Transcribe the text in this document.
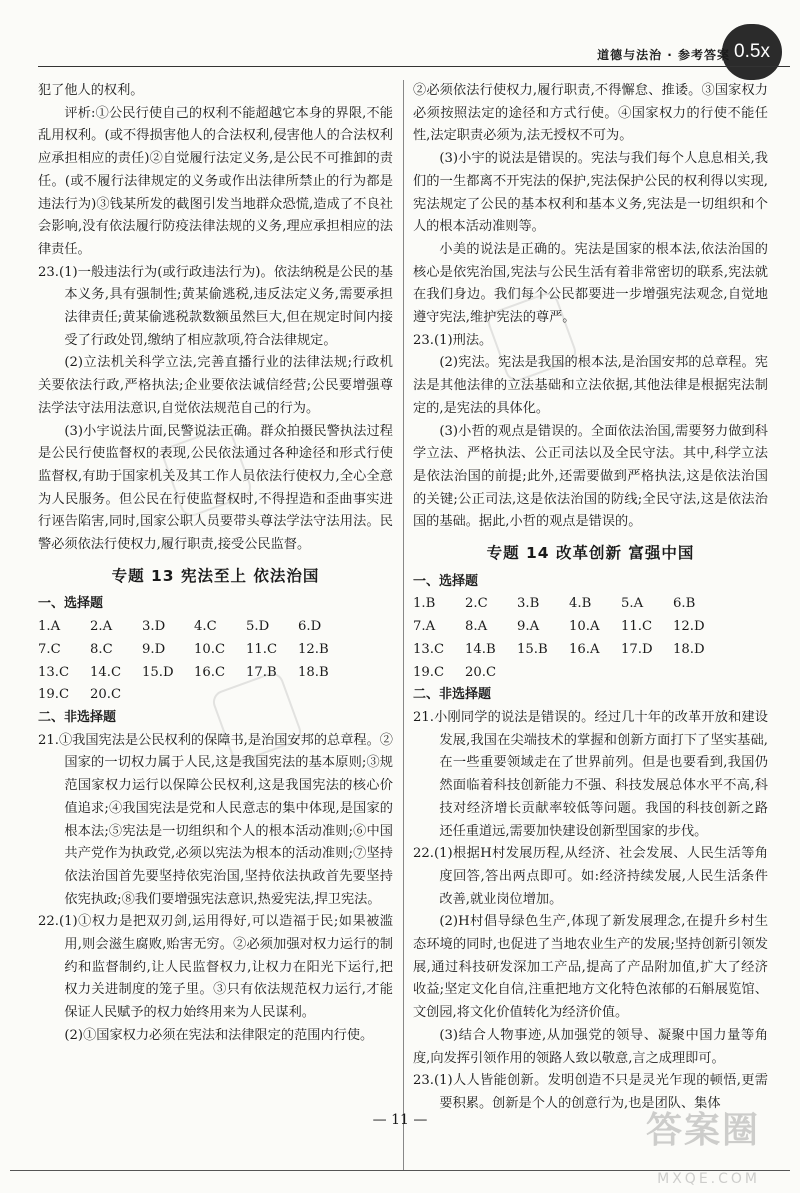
0.5x
道德与法治 · 参考答案

犯了他人的权利。

评析:①公民行使自己的权利不能超越它本身的界限,不能乱用权利。(或不得损害他人的合法权利,侵害他人的合法权利应承担相应的责任)②自觉履行法定义务,是公民不可推卸的责任。(或不履行法律规定的义务或作出法律所禁止的行为都是违法行为)③钱某所发的截图引发当地群众恐慌,造成了不良社会影响,没有依法履行防疫法律法规的义务,理应承担相应的法律责任。

23.(1)一般违法行为(或行政违法行为)。依法纳税是公民的基本义务,具有强制性;黄某偷逃税,违反法定义务,需要承担法律责任;黄某偷逃税款数额虽然巨大,但在规定时间内接受了行政处罚,缴纳了相应款项,符合法律规定。

(2)立法机关科学立法,完善直播行业的法律法规;行政机关要依法行政,严格执法;企业要依法诚信经营;公民要增强尊法学法守法用法意识,自觉依法规范自己的行为。

(3)小宇说法片面,民警说法正确。群众拍摄民警执法过程是公民行使监督权的表现,公民依法通过各种途径和形式行使监督权,有助于国家机关及其工作人员依法行使权力,全心全意为人民服务。但公民在行使监督权时,不得捏造和歪曲事实进行诬告陷害,同时,国家公职人员要带头尊法学法守法用法。民警必须依法行使权力,履行职责,接受公民监督。

专题 13 宪法至上 依法治国

一、选择题

1.A	2.A	3.D	4.C	5.D	6.D
7.C	8.C	9.D	10.C	11.C	12.B
13.C	14.C	15.D	16.C	17.B	18.B
19.C	20.C

二、非选择题

21.①我国宪法是公民权利的保障书,是治国安邦的总章程。②国家的一切权力属于人民,这是我国宪法的基本原则;③规范国家权力运行以保障公民权利,这是我国宪法的核心价值追求;④我国宪法是党和人民意志的集中体现,是国家的根本法;⑤宪法是一切组织和个人的根本活动准则;⑥中国共产党作为执政党,必须以宪法为根本的活动准则;⑦坚持依法治国首先要坚持依宪治国,坚持依法执政首先要坚持依宪执政;⑧我们要增强宪法意识,热爱宪法,捍卫宪法。

22.(1)①权力是把双刃剑,运用得好,可以造福于民;如果被滥用,则会滋生腐败,贻害无穷。②必须加强对权力运行的制约和监督制约,让人民监督权力,让权力在阳光下运行,把权力关进制度的笼子里。③只有依法规范权力运行,才能保证人民赋予的权力始终用来为人民谋利。

(2)①国家权力必须在宪法和法律限定的范围内行使。

②必须依法行使权力,履行职责,不得懈怠、推诿。③国家权力必须按照法定的途径和方式行使。④国家权力的行使不能任性,法定职责必须为,法无授权不可为。

(3)小宇的说法是错误的。宪法与我们每个人息息相关,我们的一生都离不开宪法的保护,宪法保护公民的权利得以实现,宪法规定了公民的基本权利和基本义务,宪法是一切组织和个人的根本活动准则等。

小美的说法是正确的。宪法是国家的根本法,依法治国的核心是依宪治国,宪法与公民生活有着非常密切的联系,宪法就在我们身边。我们每个公民都要进一步增强宪法观念,自觉地遵守宪法,维护宪法的尊严。

23.(1)刑法。

(2)宪法。宪法是我国的根本法,是治国安邦的总章程。宪法是其他法律的立法基础和立法依据,其他法律是根据宪法制定的,是宪法的具体化。

(3)小哲的观点是错误的。全面依法治国,需要努力做到科学立法、严格执法、公正司法以及全民守法。其中,科学立法是依法治国的前提;此外,还需要做到严格执法,这是依法治国的关键;公正司法,这是依法治国的防线;全民守法,这是依法治国的基础。据此,小哲的观点是错误的。

专题 14 改革创新 富强中国

一、选择题

1.B	2.C	3.B	4.B	5.A	6.B
7.A	8.A	9.A	10.A	11.C	12.D
13.C	14.B	15.B	16.A	17.D	18.D
19.C	20.C

二、非选择题

21.小刚同学的说法是错误的。经过几十年的改革开放和建设发展,我国在尖端技术的掌握和创新方面打下了坚实基础,在一些重要领域走在了世界前列。但是也要看到,我国仍然面临着科技创新能力不强、科技发展总体水平不高,科技对经济增长贡献率较低等问题。我国的科技创新之路还任重道远,需要加快建设创新型国家的步伐。

22.(1)根据H村发展历程,从经济、社会发展、人民生活等角度回答,答出两点即可。如:经济持续发展,人民生活条件改善,就业岗位增加。

(2)H村倡导绿色生产,体现了新发展理念,在提升乡村生态环境的同时,也促进了当地农业生产的发展;坚持创新引领发展,通过科技研发深加工产品,提高了产品附加值,扩大了经济收益;坚定文化自信,注重把地方文化特色浓郁的石斛展览馆、文创园,将文化价值转化为经济价值。

(3)结合人物事迹,从加强党的领导、凝聚中国力量等角度,向发挥引领作用的领路人致以敬意,言之成理即可。

23.(1)人人皆能创新。发明创造不只是灵光乍现的顿悟,更需要积累。创新是个人的创意行为,也是团队、集体

— 11 —	答案圈
MXQE.COM
